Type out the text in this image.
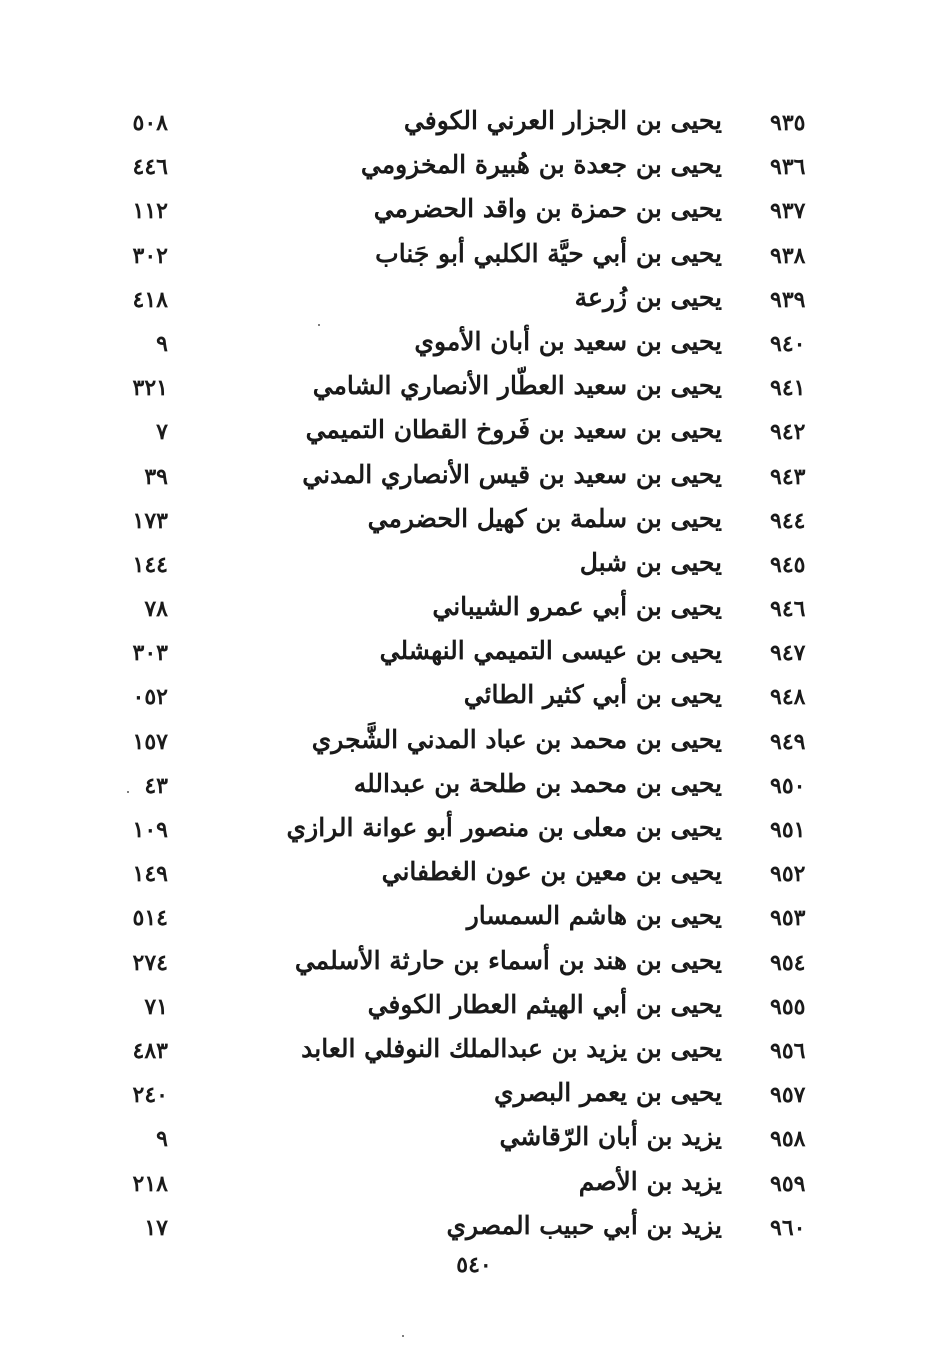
٩٣٥
يحيى بن الجزار العرني الكوفي
٥٠٨
٩٣٦
يحيى بن جعدة بن هُبيرة المخزومي
٤٤٦
٩٣٧
يحيى بن حمزة بن واقد الحضرمي
١١٢
٩٣٨
يحيى بن أبي حيَّة الكلبي أبو جَناب
٣٠٢
٩٣٩
يحيى بن زُرعة
٤١٨
٩٤٠
يحيى بن سعيد بن أبان الأموي
٩
٩٤١
يحيى بن سعيد العطّار الأنصاري الشامي
٣٢١
٩٤٢
يحيى بن سعيد بن فَروخ القطان التميمي
٧
٩٤٣
يحيى بن سعيد بن قيس الأنصاري المدني
٣٩
٩٤٤
يحيى بن سلمة بن كهيل الحضرمي
١٧٣
٩٤٥
يحيى بن شبل
١٤٤
٩٤٦
يحيى بن أبي عمرو الشيباني
٧٨
٩٤٧
يحيى بن عيسى التميمي النهشلي
٣٠٣
٩٤٨
يحيى بن أبي كثير الطائي
٠٥٢
٩٤٩
يحيى بن محمد بن عباد المدني الشَّجري
١٥٧
٩٥٠
يحيى بن محمد بن طلحة بن عبدالله
٤٣
٩٥١
يحيى بن معلى بن منصور أبو عوانة الرازي
١٠٩
٩٥٢
يحيى بن معين بن عون الغطفاني
١٤٩
٩٥٣
يحيى بن هاشم السمسار
٥١٤
٩٥٤
يحيى بن هند بن أسماء بن حارثة الأسلمي
٢٧٤
٩٥٥
يحيى بن أبي الهيثم العطار الكوفي
٧١
٩٥٦
يحيى بن يزيد بن عبدالملك النوفلي العابد
٤٨٣
٩٥٧
يحيى بن يعمر البصري
٢٤٠
٩٥٨
يزيد بن أبان الرّقاشي
٩
٩٥٩
يزيد بن الأصم
٢١٨
٩٦٠
يزيد بن أبي حبيب المصري
١٧
٥٤٠
